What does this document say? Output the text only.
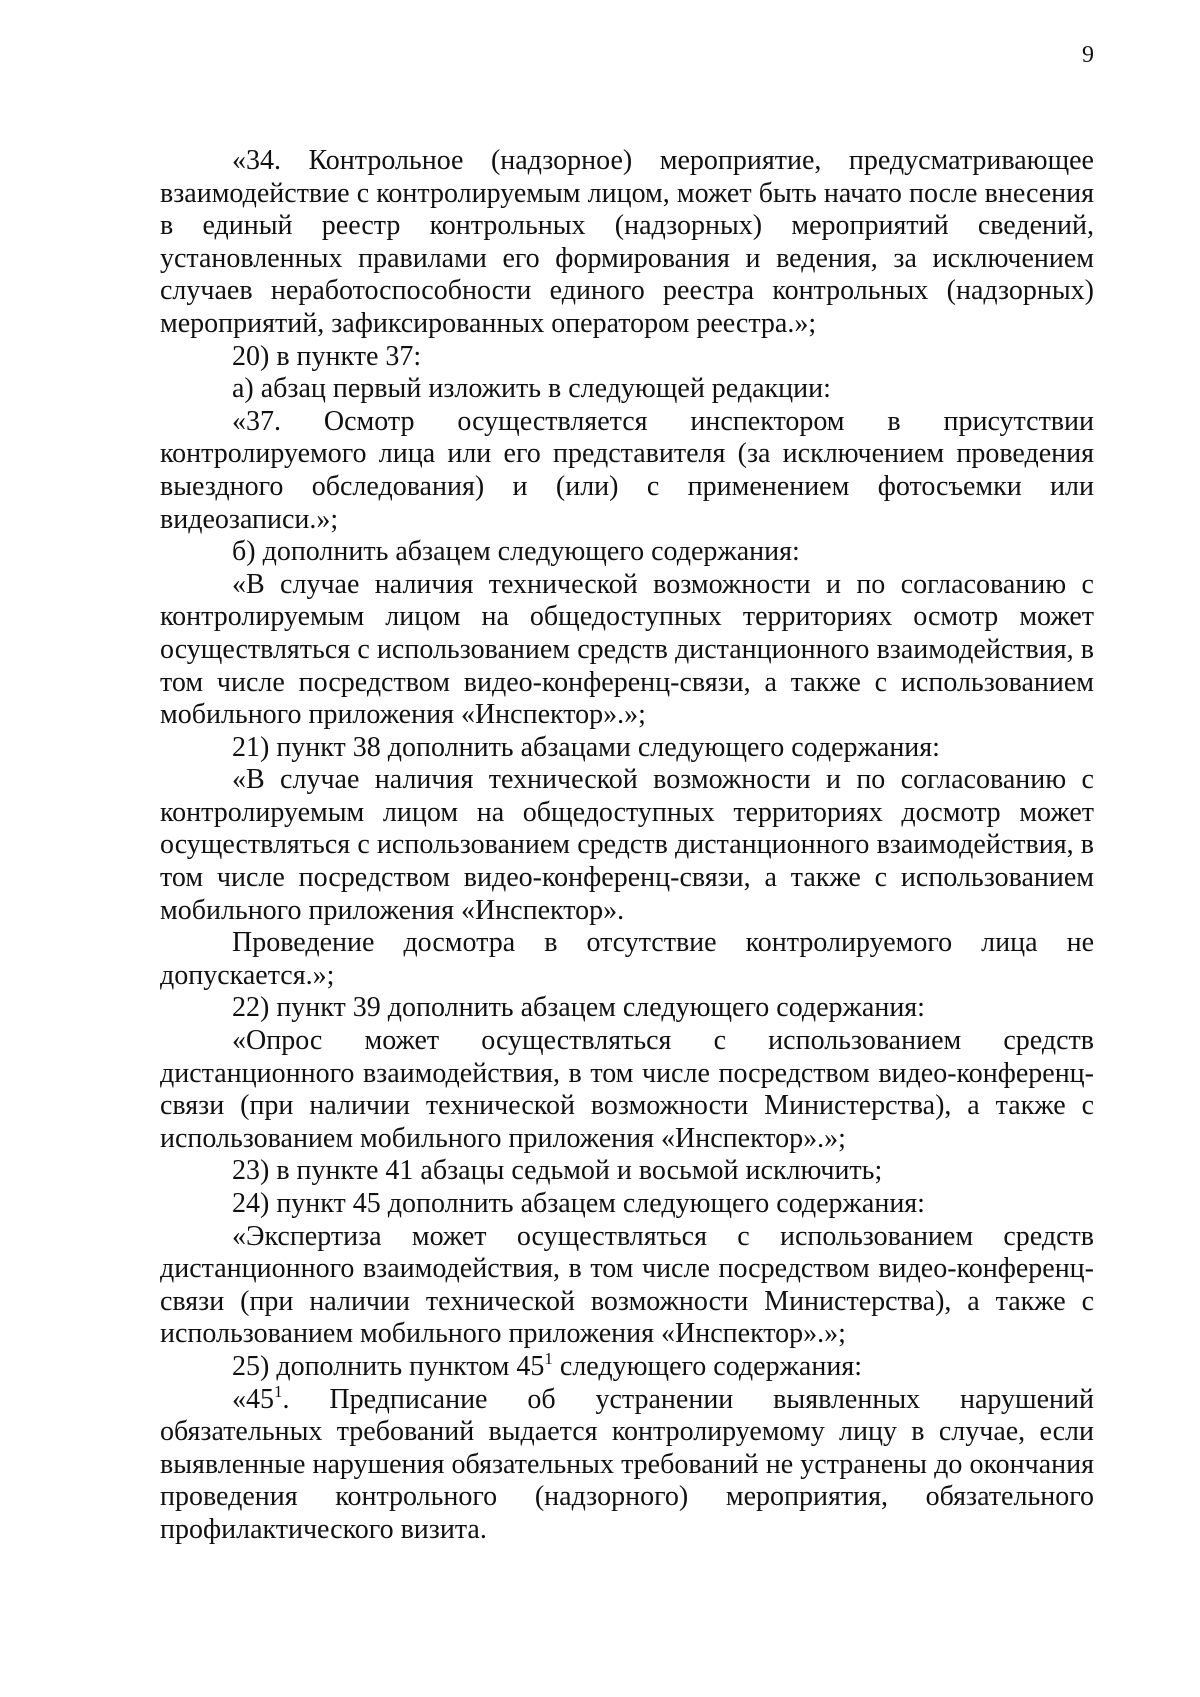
9

«34. Контрольное (надзорное) мероприятие, предусматривающее взаимодействие с контролируемым лицом, может быть начато после внесения в единый реестр контрольных (надзорных) мероприятий сведений, установленных правилами его формирования и ведения, за исключением случаев неработоспособности единого реестра контрольных (надзорных) мероприятий, зафиксированных оператором реестра.»;

20) в пункте 37:

а) абзац первый изложить в следующей редакции:

«37. Осмотр осуществляется инспектором в присутствии контролируемого лица или его представителя (за исключением проведения выездного обследования) и (или) с применением фотосъемки или видеозаписи.»;

б) дополнить абзацем следующего содержания:

«В случае наличия технической возможности и по согласованию с контролируемым лицом на общедоступных территориях осмотр может осуществляться с использованием средств дистанционного взаимодействия, в том числе посредством видео-конференц-связи, а также с использованием мобильного приложения «Инспектор».»;

21) пункт 38 дополнить абзацами следующего содержания:

«В случае наличия технической возможности и по согласованию с контролируемым лицом на общедоступных территориях досмотр может осуществляться с использованием средств дистанционного взаимодействия, в том числе посредством видео-конференц-связи, а также с использованием мобильного приложения «Инспектор».

Проведение досмотра в отсутствие контролируемого лица не допускается.»;

22) пункт 39 дополнить абзацем следующего содержания:

«Опрос может осуществляться с использованием средств дистанционного взаимодействия, в том числе посредством видео-конференц-связи (при наличии технической возможности Министерства), а также с использованием мобильного приложения «Инспектор».»;

23) в пункте 41 абзацы седьмой и восьмой исключить;

24) пункт 45 дополнить абзацем следующего содержания:

«Экспертиза может осуществляться с использованием средств дистанционного взаимодействия, в том числе посредством видео-конференц-связи (при наличии технической возможности Министерства), а также с использованием мобильного приложения «Инспектор».»;

25) дополнить пунктом $45^1$ следующего содержания:

«$45^1$. Предписание об устранении выявленных нарушений обязательных требований выдается контролируемому лицу в случае, если выявленные нарушения обязательных требований не устранены до окончания проведения контрольного (надзорного) мероприятия, обязательного профилактического визита.
